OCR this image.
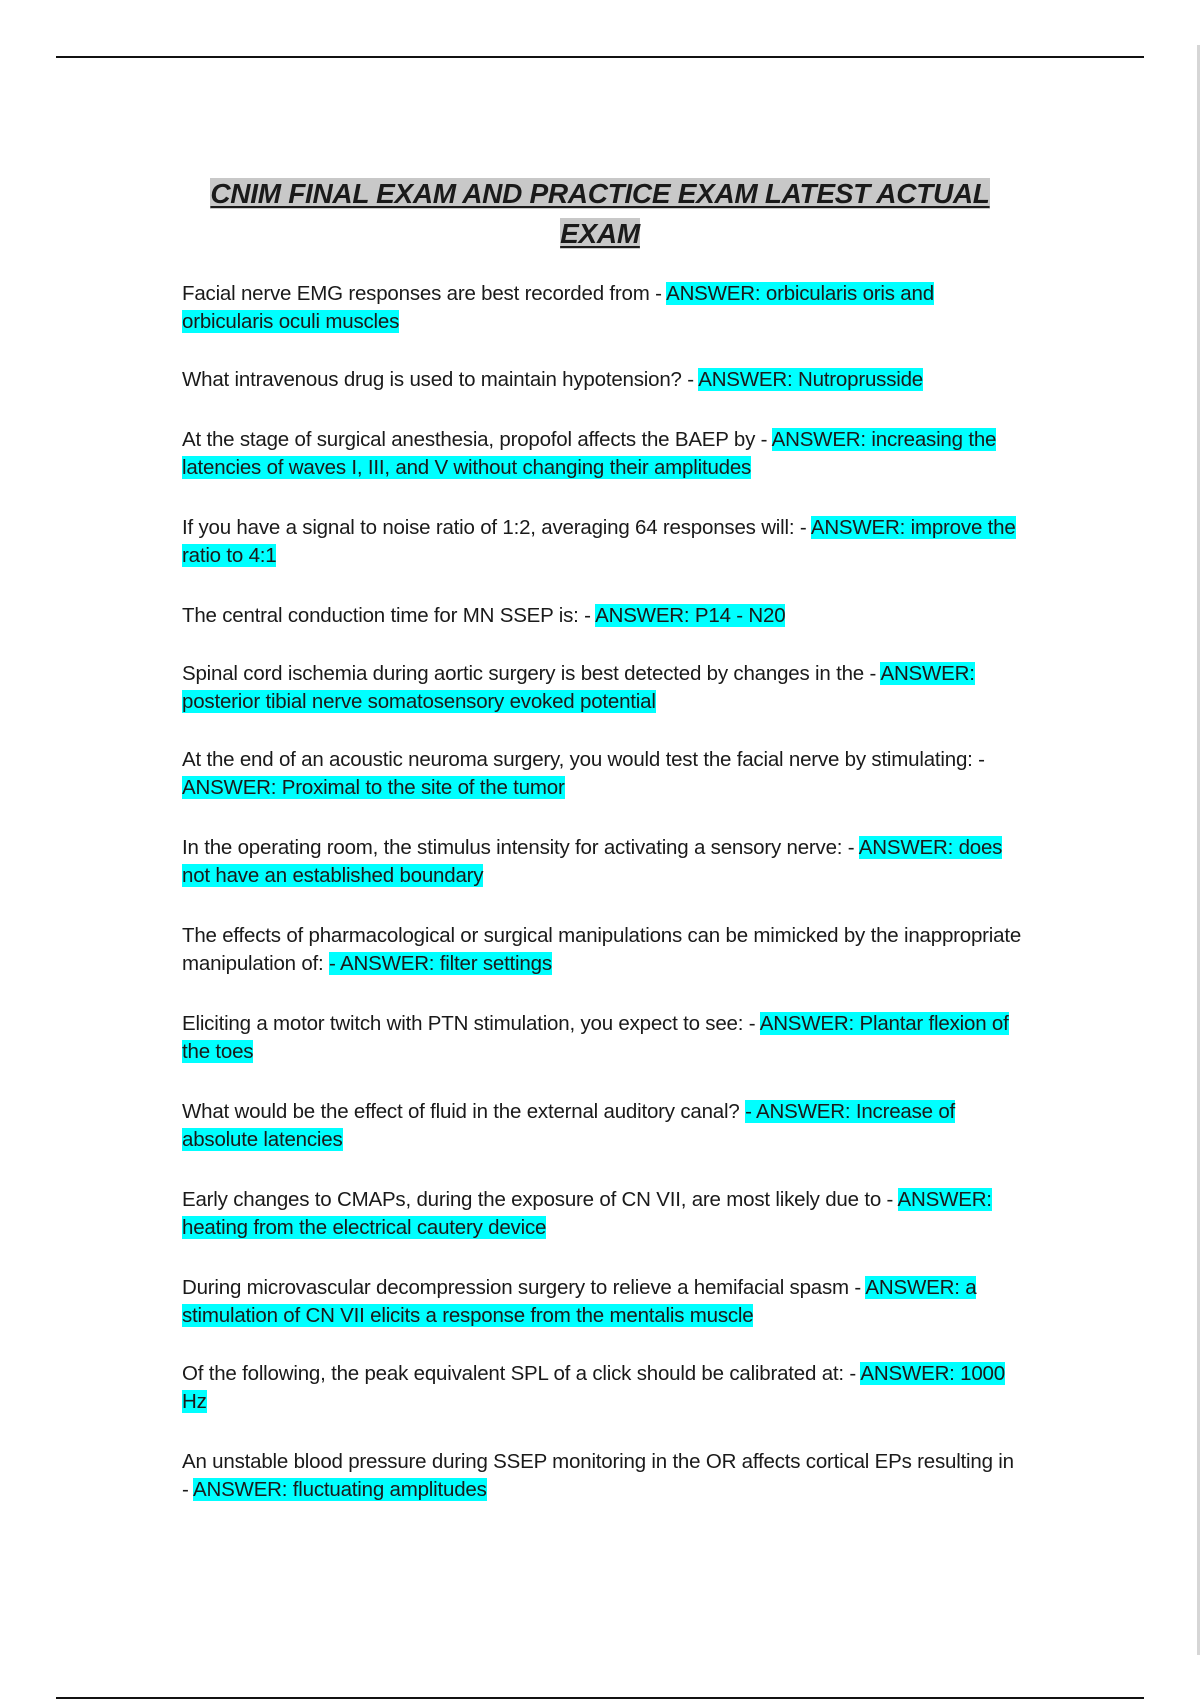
CNIM FINAL EXAM AND PRACTICE EXAM LATEST ACTUAL EXAM
Facial nerve EMG responses are best recorded from - ANSWER: orbicularis oris and orbicularis oculi muscles
What intravenous drug is used to maintain hypotension? - ANSWER: Nutroprusside
At the stage of surgical anesthesia, propofol affects the BAEP by - ANSWER: increasing the latencies of waves I, III, and V without changing their amplitudes
If you have a signal to noise ratio of 1:2, averaging 64 responses will: - ANSWER: improve the ratio to 4:1
The central conduction time for MN SSEP is: - ANSWER: P14 - N20
Spinal cord ischemia during aortic surgery is best detected by changes in the - ANSWER: posterior tibial nerve somatosensory evoked potential
At the end of an acoustic neuroma surgery, you would test the facial nerve by stimulating: - ANSWER: Proximal to the site of the tumor
In the operating room, the stimulus intensity for activating a sensory nerve: - ANSWER: does not have an established boundary
The effects of pharmacological or surgical manipulations can be mimicked by the inappropriate manipulation of: - ANSWER: filter settings
Eliciting a motor twitch with PTN stimulation, you expect to see: - ANSWER: Plantar flexion of the toes
What would be the effect of fluid in the external auditory canal? - ANSWER: Increase of absolute latencies
Early changes to CMAPs, during the exposure of CN VII, are most likely due to - ANSWER: heating from the electrical cautery device
During microvascular decompression surgery to relieve a hemifacial spasm - ANSWER: a stimulation of CN VII elicits a response from the mentalis muscle
Of the following, the peak equivalent SPL of a click should be calibrated at: - ANSWER: 1000 Hz
An unstable blood pressure during SSEP monitoring in the OR affects cortical EPs resulting in - ANSWER: fluctuating amplitudes
